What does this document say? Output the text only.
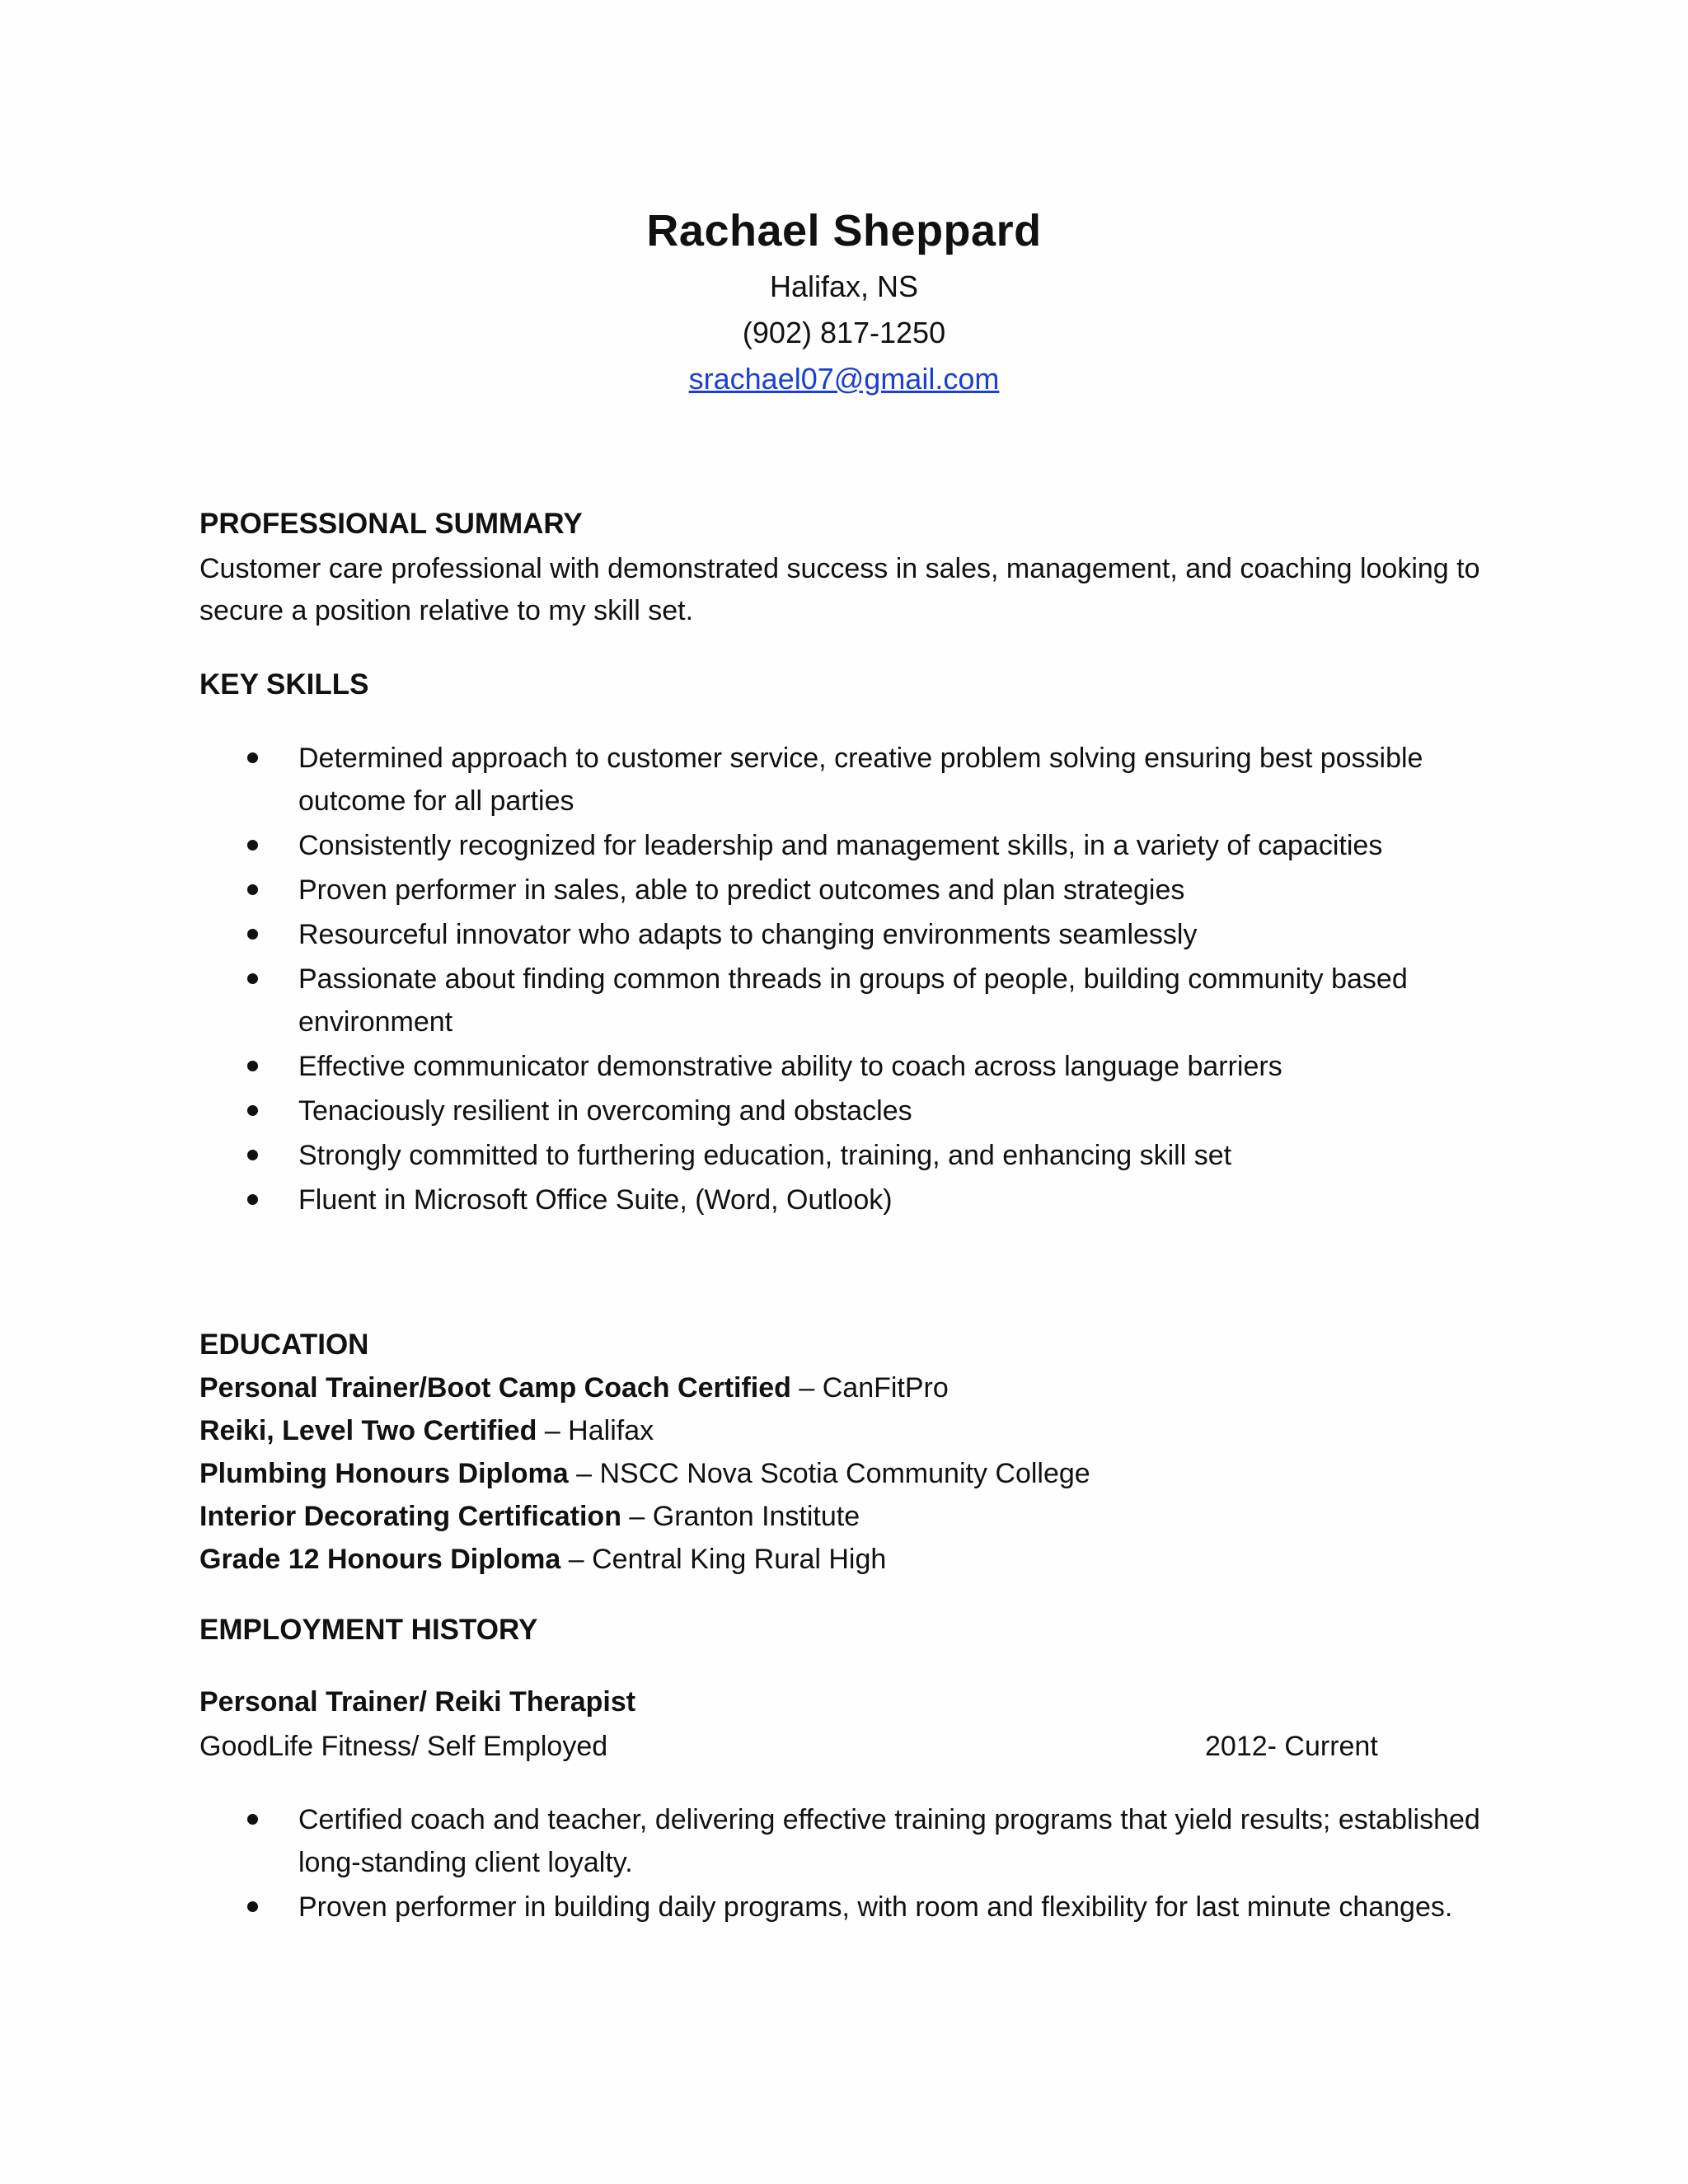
Rachael Sheppard
Halifax, NS
(902) 817-1250
srachael07@gmail.com
PROFESSIONAL SUMMARY
Customer care professional with demonstrated success in sales, management, and coaching looking to secure a position relative to my skill set.
KEY SKILLS
Determined approach to customer service, creative problem solving ensuring best possible outcome for all parties
Consistently recognized for leadership and management skills, in a variety of capacities
Proven performer in sales, able to predict outcomes and plan strategies
Resourceful innovator who adapts to changing environments seamlessly
Passionate about finding common threads in groups of people, building community based environment
Effective communicator demonstrative ability to coach across language barriers
Tenaciously resilient in overcoming and obstacles
Strongly committed to furthering education, training, and enhancing skill set
Fluent in Microsoft Office Suite, (Word, Outlook)
EDUCATION
Personal Trainer/Boot Camp Coach Certified – CanFitPro
Reiki, Level Two Certified – Halifax
Plumbing Honours Diploma – NSCC Nova Scotia Community College
Interior Decorating Certification – Granton Institute
Grade 12 Honours Diploma – Central King Rural High
EMPLOYMENT HISTORY
Personal Trainer/ Reiki Therapist
GoodLife Fitness/ Self Employed	2012- Current
Certified coach and teacher, delivering effective training programs that yield results; established long-standing client loyalty.
Proven performer in building daily programs, with room and flexibility for last minute changes.
